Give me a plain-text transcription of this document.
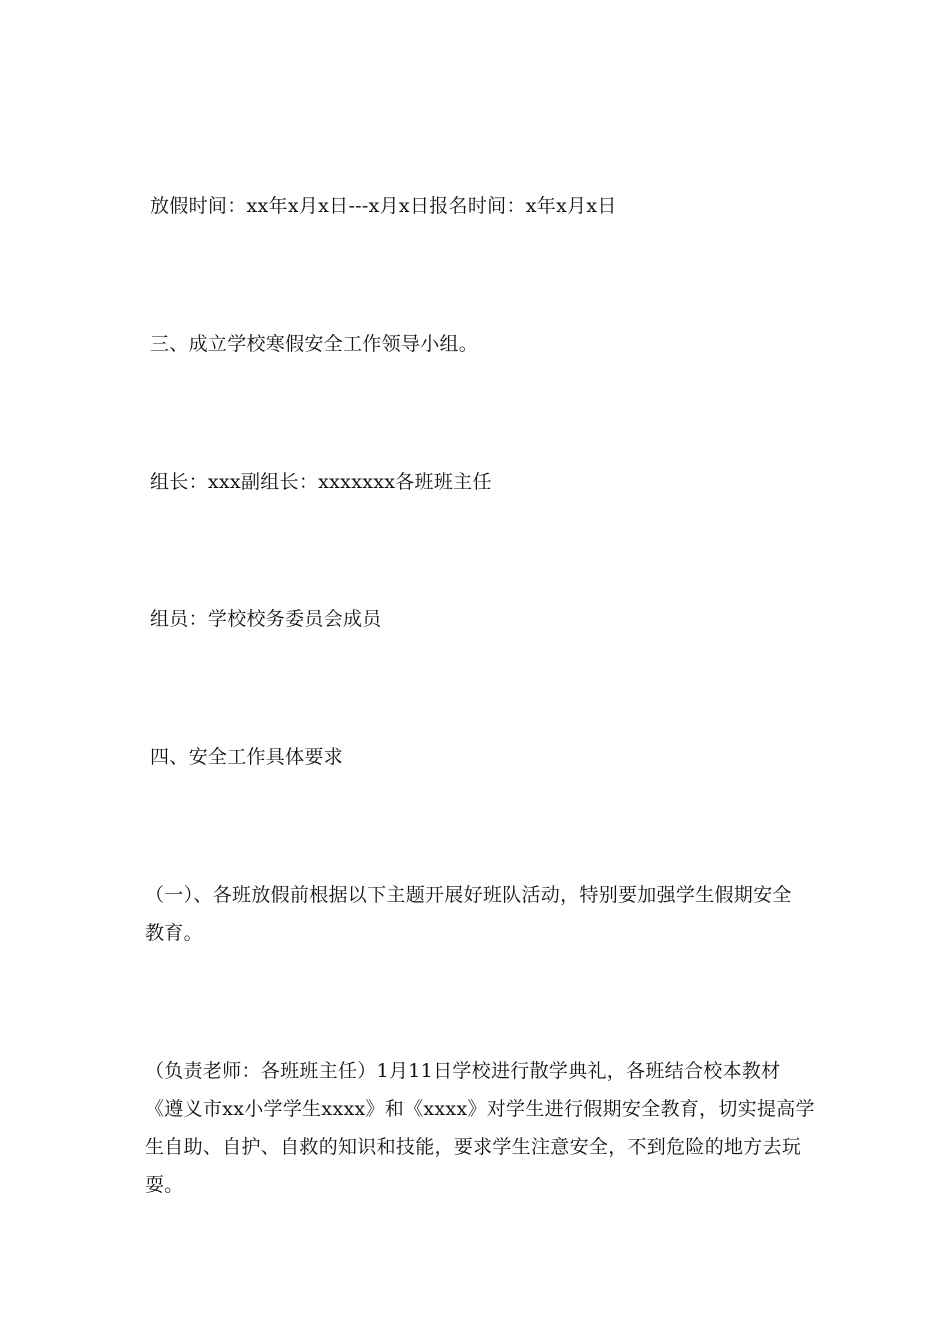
放假时间：xx年x月x日---x月x日报名时间：x年x月x日
三、成立学校寒假安全工作领导小组。
组长：xxx副组长：xxxxxxx各班班主任
组员：学校校务委员会成员
四、安全工作具体要求
（一）、各班放假前根据以下主题开展好班队活动，特别要加强学生假期安全
教育。
（负责老师：各班班主任）1月11日学校进行散学典礼，各班结合校本教材
《遵义市xx小学学生xxxx》和《xxxx》对学生进行假期安全教育，切实提高学
生自助、自护、自救的知识和技能，要求学生注意安全，不到危险的地方去玩
耍。
